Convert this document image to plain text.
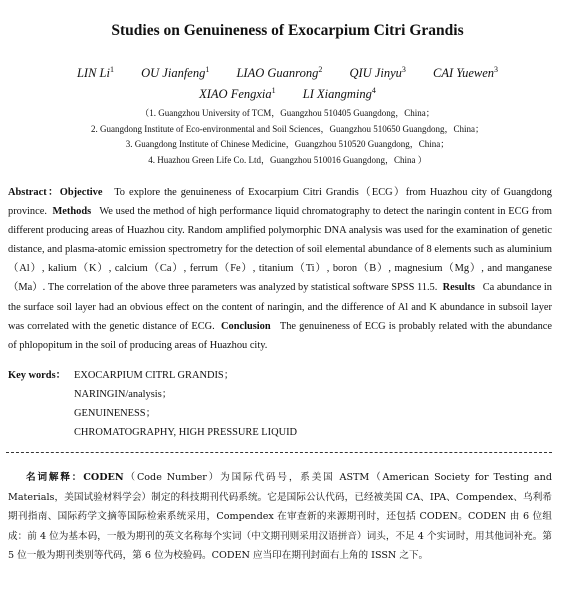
Studies on Genuineness of Exocarpium Citri Grandis
LIN Li$^1$ OU Jianfeng$^1$ LIAO Guanrong$^2$ QIU Jinyu$^3$ CAI Yuewen$^3$
XIAO Fengxia$^1$ LI Xiangming$^4$
（1. Guangzhou University of TCM，Guangzhou 510405 Guangdong，China；
2. Guangdong Institute of Eco-environmental and Soil Sciences，Guangzhou 510650 Guangdong，China；
3. Guangdong Institute of Chinese Medicine，Guangzhou 510520 Guangdong，China；
4. Huazhou Green Life Co. Ltd，Guangzhou 510016 Guangdong，China ）
Abstract：Objective To explore the genuineness of Exocarpium Citri Grandis（ECG）from Huazhou city of Guangdong province. Methods We used the method of high performance liquid chromatography to detect the naringin content in ECG from different producing areas of Huazhou city. Random amplified polymorphic DNA analysis was used for the examination of genetic distance, and plasma-atomic emission spectrometry for the detection of soil elemental abundance of 8 elements such as aluminium（Al）, kalium（K）, calcium（Ca）, ferrum（Fe）, titanium（Ti）, boron（B）, magnesium（Mg）, and manganese（Ma）. The correlation of the above three parameters was analyzed by statistical software SPSS 11.5. Results Ca abundance in the surface soil layer had an obvious effect on the content of naringin, and the difference of Al and K abundance in subsoil layer was correlated with the genetic distance of ECG. Conclusion The genuineness of ECG is probably related with the abundance of phlopopitum in the soil of producing areas of Huazhou city.
Key words： EXOCARPIUM CITRL GRANDIS；
NARINGIN/analysis；
GENUINENESS；
CHROMATOGRAPHY, HIGH PRESSURE LIQUID
名词解释：CODEN（Code Number）为国际代码号，系美国 ASTM（American Society for Testing and Materials，美国试验材料学会）制定的科技期刊代码系统。它是国际公认代码，已经被美国 CA、IPA、Compendex、乌利希期刊指南、国际药学文摘等国际检索系统采用，Compendex 在审查新的来源期刊时，还包括 CODEN。CODEN 由 6 位组成：前 4 位为基本码，一般为期刊的英文名称每个实词（中文期刊则采用汉语拼音）词头，不足 4 个实词时，用其他词补充。第 5 位一般为期刊类别等代码，第 6 位为校验码。CODEN 应当印在期刊封面右上角的 ISSN 之下。
